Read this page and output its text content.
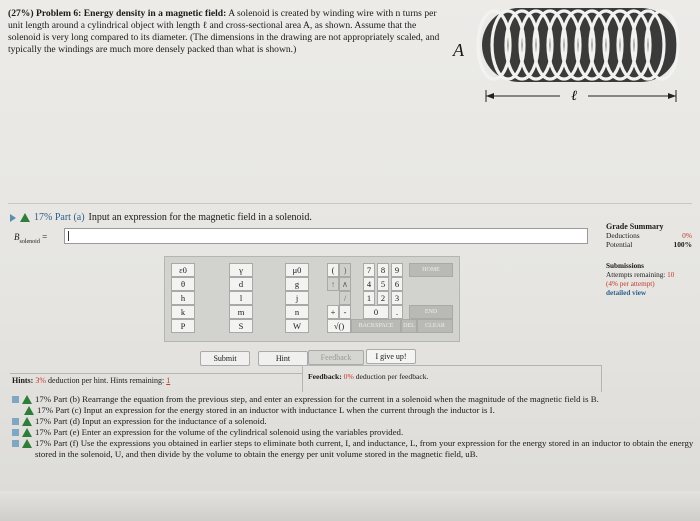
(27%) Problem 6: Energy density in a magnetic field: A solenoid is created by winding wire with n turns per unit length around a cylindrical object with length ℓ and cross-sectional area A, as shown. Assume that the solenoid is very long compared to its diameter. (The dimensions in the drawing are not appropriately scaled, and typically the windings are much more densely packed than what is shown.)	A
ℓ
17% Part (a) Input an expression for the magnetic field in a solenoid.
$B_{solenoid}$ =
Grade Summary
Deductions	0%
Potential	100%
Submissions
Attempts remaining: 10
(4% per attempt)
detailed view
ε0	γ	μ0
θ	d	g
h	l	j
k	m	n
P	S	W
(	)
↑ ∧
/
+ -
√()
7	8	9
4	5	6
1	2	3
0	.
HOME
END
BACKSPACE	DEL	CLEAR
Submit	Hint	Feedback	I give up!
Hints: 3% deduction per hint. Hints remaining: 1	Feedback: 0% deduction per feedback.
17% Part (b) Rearrange the equation from the previous step, and enter an expression for the current in a solenoid when the magnitude of the magnetic field is B.
17% Part (c) Input an expression for the energy stored in an inductor with inductance L when the current through the inductor is I.
17% Part (d) Input an expression for the inductance of a solenoid.
17% Part (e) Enter an expression for the volume of the cylindrical solenoid using the variables provided.
17% Part (f) Use the expressions you obtained in earlier steps to eliminate both current, I, and inductance, L, from your expression for the energy stored in an inductor to obtain the energy stored in the solenoid, U, and then divide by the volume to obtain the energy per unit volume stored in the magnetic field, uB.
